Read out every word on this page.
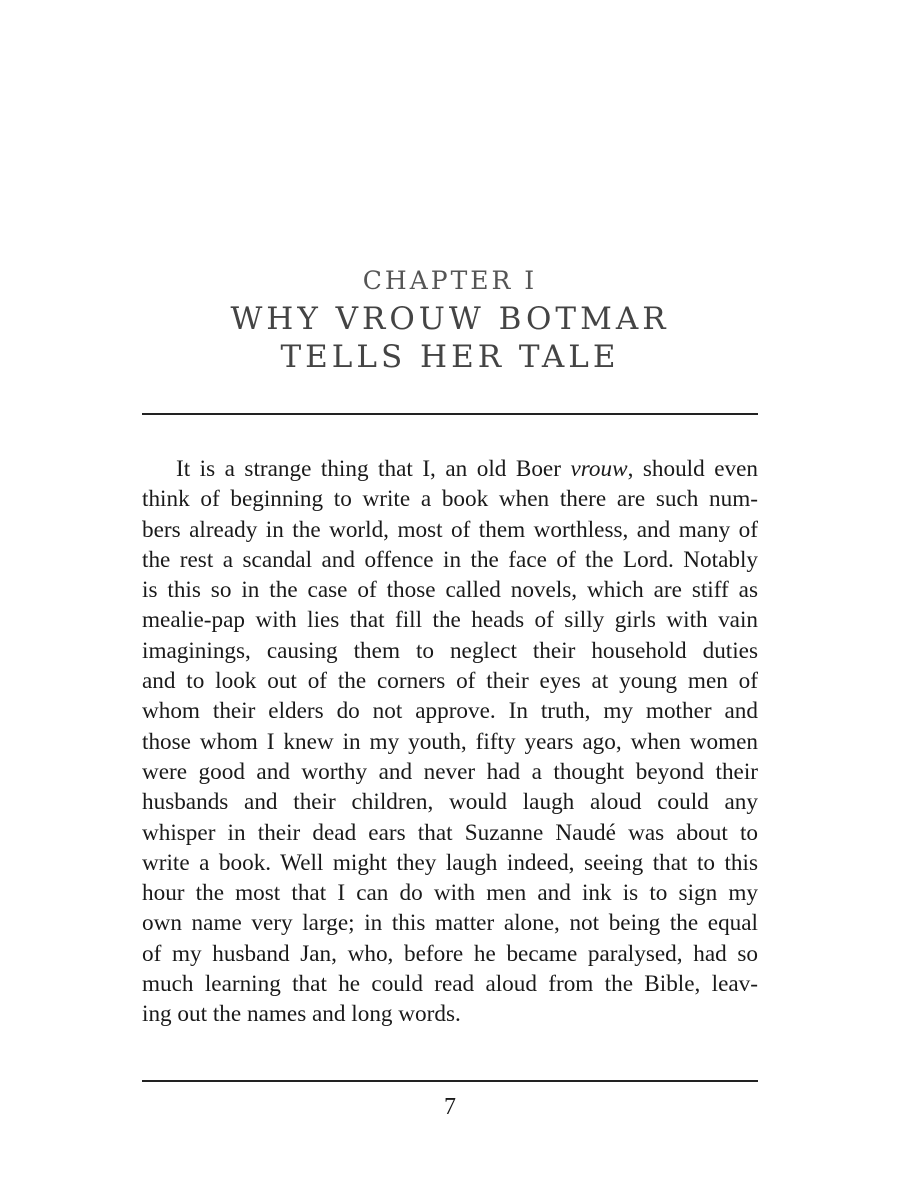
CHAPTER I
WHY VROUW BOTMAR
TELLS HER TALE
It is a strange thing that I, an old Boer vrouw, should even
think of beginning to write a book when there are such num-
bers already in the world, most of them worthless, and many of
the rest a scandal and offence in the face of the Lord. Notably
is this so in the case of those called novels, which are stiff as
mealie-pap with lies that fill the heads of silly girls with vain
imaginings, causing them to neglect their household duties
and to look out of the corners of their eyes at young men of
whom their elders do not approve. In truth, my mother and
those whom I knew in my youth, fifty years ago, when women
were good and worthy and never had a thought beyond their
husbands and their children, would laugh aloud could any
whisper in their dead ears that Suzanne Naudé was about to
write a book. Well might they laugh indeed, seeing that to this
hour the most that I can do with men and ink is to sign my
own name very large; in this matter alone, not being the equal
of my husband Jan, who, before he became paralysed, had so
much learning that he could read aloud from the Bible, leav-
ing out the names and long words.
7
